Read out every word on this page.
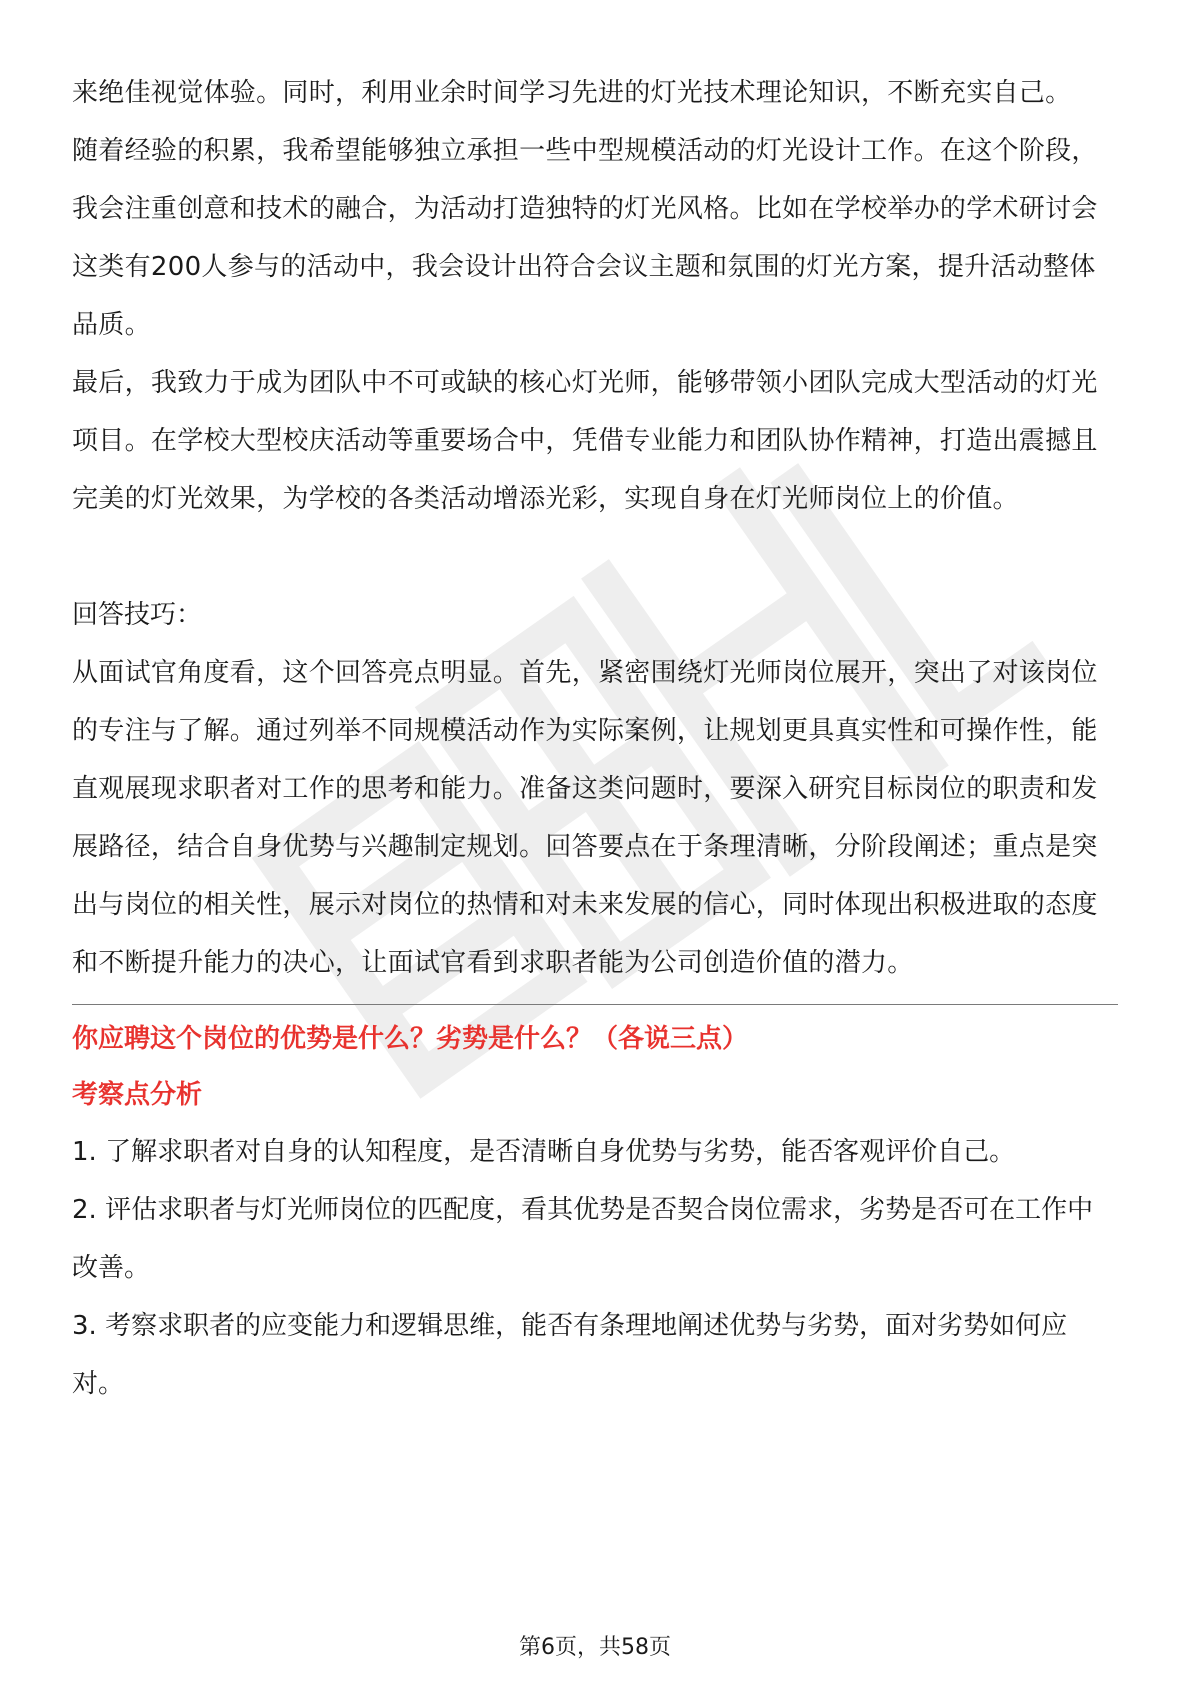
来绝佳视觉体验。同时，利用业余时间学习先进的灯光技术理论知识，不断充实自己。

随着经验的积累，我希望能够独立承担一些中型规模活动的灯光设计工作。在这个阶段，我会注重创意和技术的融合，为活动打造独特的灯光风格。比如在学校举办的学术研讨会这类有200人参与的活动中，我会设计出符合会议主题和氛围的灯光方案，提升活动整体品质。

最后，我致力于成为团队中不可或缺的核心灯光师，能够带领小团队完成大型活动的灯光项目。在学校大型校庆活动等重要场合中，凭借专业能力和团队协作精神，打造出震撼且完美的灯光效果，为学校的各类活动增添光彩，实现自身在灯光师岗位上的价值。

回答技巧：

从面试官角度看，这个回答亮点明显。首先，紧密围绕灯光师岗位展开，突出了对该岗位的专注与了解。通过列举不同规模活动作为实际案例，让规划更具真实性和可操作性，能直观展现求职者对工作的思考和能力。准备这类问题时，要深入研究目标岗位的职责和发展路径，结合自身优势与兴趣制定规划。回答要点在于条理清晰，分阶段阐述；重点是突出与岗位的相关性，展示对岗位的热情和对未来发展的信心，同时体现出积极进取的态度和不断提升能力的决心，让面试官看到求职者能为公司创造价值的潜力。

你应聘这个岗位的优势是什么？劣势是什么？（各说三点）

考察点分析

1. 了解求职者对自身的认知程度，是否清晰自身优势与劣势，能否客观评价自己。

2. 评估求职者与灯光师岗位的匹配度，看其优势是否契合岗位需求，劣势是否可在工作中改善。

3. 考察求职者的应变能力和逻辑思维，能否有条理地阐述优势与劣势，面对劣势如何应对。

第6页，共58页
